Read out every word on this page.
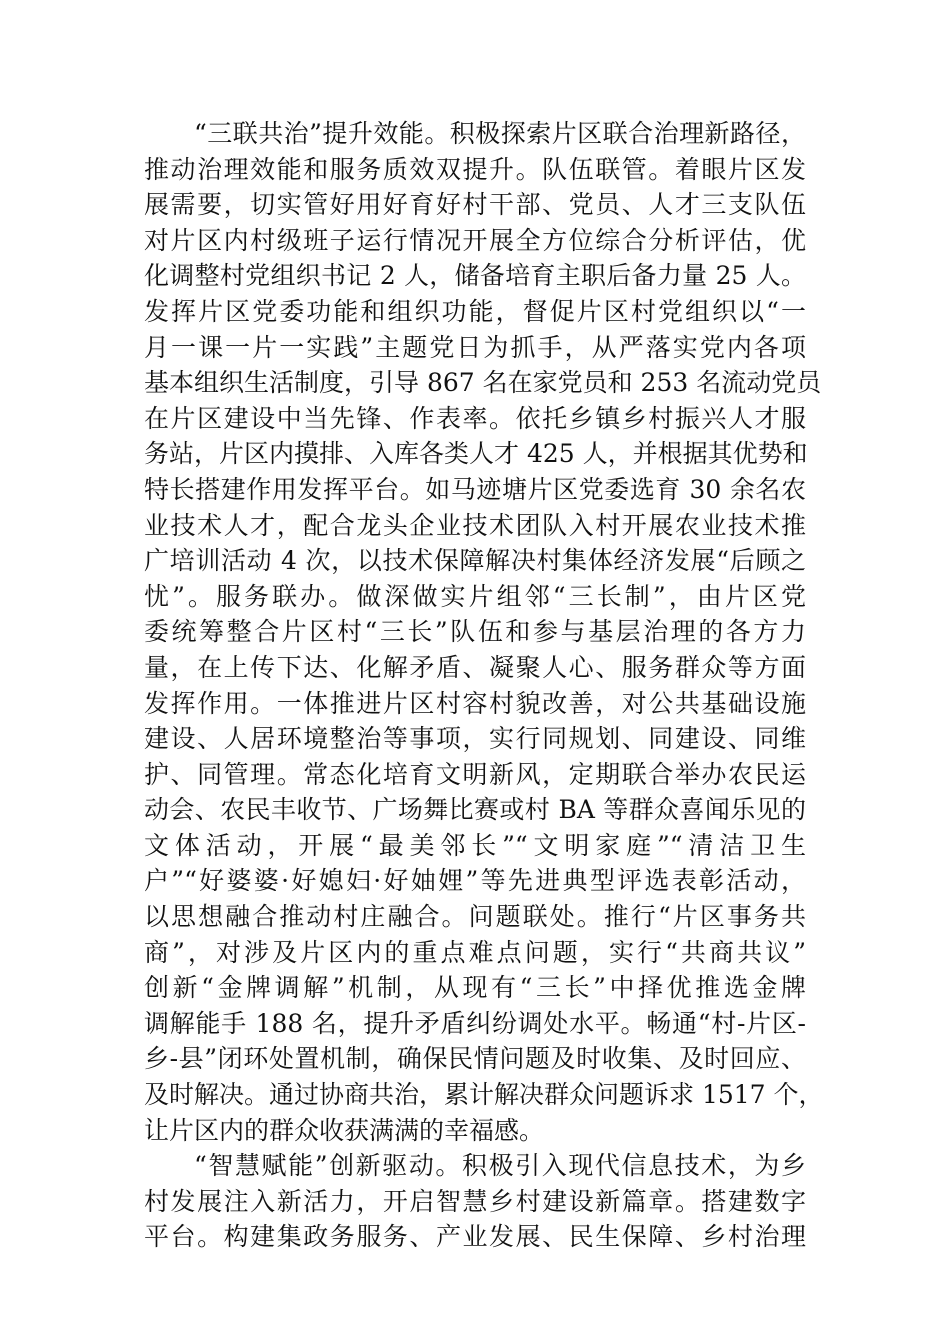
“三联共治”提升效能。积极探索片区联合治理新路径，
推动治理效能和服务质效双提升。队伍联管。着眼片区发
展需要，切实管好用好育好村干部、党员、人才三支队伍
对片区内村级班子运行情况开展全方位综合分析评估，优
化调整村党组织书记 2 人，储备培育主职后备力量 25 人。
发挥片区党委功能和组织功能，督促片区村党组织以“一
月一课一片一实践”主题党日为抓手，从严落实党内各项
基本组织生活制度，引导 867 名在家党员和 253 名流动党员
在片区建设中当先锋、作表率。依托乡镇乡村振兴人才服
务站，片区内摸排、入库各类人才 425 人，并根据其优势和
特长搭建作用发挥平台。如马迹塘片区党委选育 30 余名农
业技术人才，配合龙头企业技术团队入村开展农业技术推
广培训活动 4 次，以技术保障解决村集体经济发展“后顾之
忧”。服务联办。做深做实片组邻“三长制”，由片区党
委统筹整合片区村“三长”队伍和参与基层治理的各方力
量，在上传下达、化解矛盾、凝聚人心、服务群众等方面
发挥作用。一体推进片区村容村貌改善，对公共基础设施
建设、人居环境整治等事项，实行同规划、同建设、同维
护、同管理。常态化培育文明新风，定期联合举办农民运
动会、农民丰收节、广场舞比赛或村 BA 等群众喜闻乐见的
文体活动，开展“最美邻长”“文明家庭”“清洁卫生
户”“好婆婆·好媳妇·好妯娌”等先进典型评选表彰活动，
以思想融合推动村庄融合。问题联处。推行“片区事务共
商”，对涉及片区内的重点难点问题，实行“共商共议”
创新“金牌调解”机制，从现有“三长”中择优推选金牌
调解能手 188 名，提升矛盾纠纷调处水平。畅通“村-片区-
乡-县”闭环处置机制，确保民情问题及时收集、及时回应、
及时解决。通过协商共治，累计解决群众问题诉求 1517 个，
让片区内的群众收获满满的幸福感。
“智慧赋能”创新驱动。积极引入现代信息技术，为乡
村发展注入新活力，开启智慧乡村建设新篇章。搭建数字
平台。构建集政务服务、产业发展、民生保障、乡村治理
